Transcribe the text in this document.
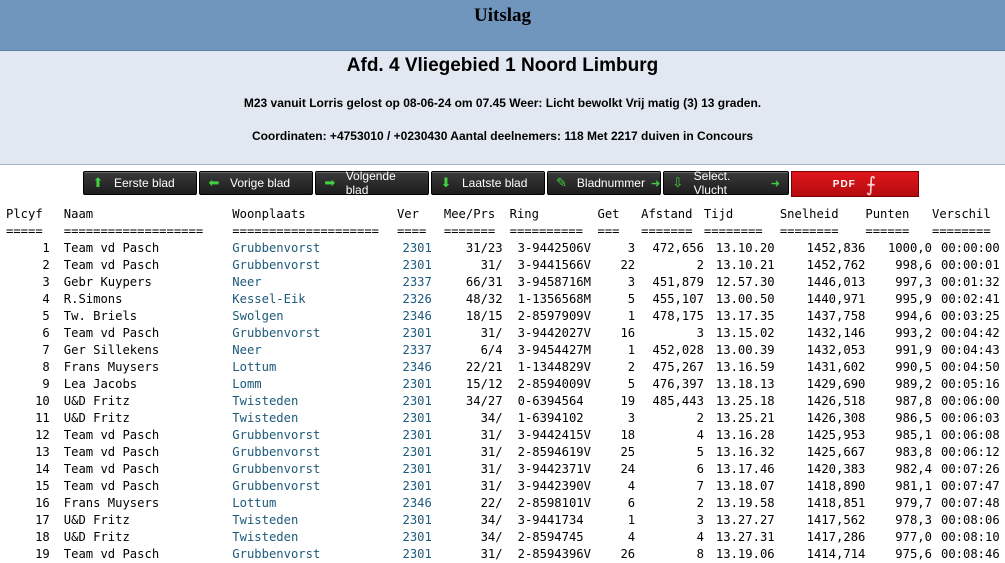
Uitslag
Afd. 4 Vliegebied 1 Noord Limburg
M23 vanuit Lorris gelost op 08-06-24 om 07.45 Weer: Licht bewolkt Vrij matig (3) 13 graden.
Coordinaten: +4753010 / +0230430 Aantal deelnemers: 118 Met 2217 duiven in Concours
⬆ Eerste blad	⬅ Vorige blad	➡ Volgende blad	⬇ Laatste blad ✎ Bladnummer ➜ ⇩ Select. Vlucht	➜	PDF ⨍
Plcyf	Naam	Woonplaats	Ver	Mee/Prs	Ring	Get	Afstand	Tijd	Snelheid	Punten	Verschil
=====	===================	====================	====	=======	==========	===	=======	========	========	======	========
1	Team vd Pasch	Grubbenvorst	2301	31/23	3-9442506V	3	472,656	13.10.20	1452,836	1000,0	00:00:00
2	Team vd Pasch	Grubbenvorst	2301	31/	3-9441566V	22	2	13.10.21	1452,762	998,6	00:00:01
3	Gebr Kuypers	Neer	2337	66/31	3-9458716M	3	451,879	12.57.30	1446,013	997,3	00:01:32
4	R.Simons	Kessel-Eik	2326	48/32	1-1356568M	5	455,107	13.00.50	1440,971	995,9	00:02:41
5	Tw. Briels	Swolgen	2346	18/15	2-8597909V	1	478,175	13.17.35	1437,758	994,6	00:03:25
6	Team vd Pasch	Grubbenvorst	2301	31/	3-9442027V	16	3	13.15.02	1432,146	993,2	00:04:42
7	Ger Sillekens	Neer	2337	6/4	3-9454427M	1	452,028	13.00.39	1432,053	991,9	00:04:43
8	Frans Muysers	Lottum	2346	22/21	1-1344829V	2	475,267	13.16.59	1431,602	990,5	00:04:50
9	Lea Jacobs	Lomm	2301	15/12	2-8594009V	5	476,397	13.18.13	1429,690	989,2	00:05:16
10	U&D Fritz	Twisteden	2301	34/27	0-6394564	19	485,443	13.25.18	1426,518	987,8	00:06:00
11	U&D Fritz	Twisteden	2301	34/	1-6394102	3	2	13.25.21	1426,308	986,5	00:06:03
12	Team vd Pasch	Grubbenvorst	2301	31/	3-9442415V	18	4	13.16.28	1425,953	985,1	00:06:08
13	Team vd Pasch	Grubbenvorst	2301	31/	2-8594619V	25	5	13.16.32	1425,667	983,8	00:06:12
14	Team vd Pasch	Grubbenvorst	2301	31/	3-9442371V	24	6	13.17.46	1420,383	982,4	00:07:26
15	Team vd Pasch	Grubbenvorst	2301	31/	3-9442390V	4	7	13.18.07	1418,890	981,1	00:07:47
16	Frans Muysers	Lottum	2346	22/	2-8598101V	6	2	13.19.58	1418,851	979,7	00:07:48
17	U&D Fritz	Twisteden	2301	34/	3-9441734	1	3	13.27.27	1417,562	978,3	00:08:06
18	U&D Fritz	Twisteden	2301	34/	2-8594745	4	4	13.27.31	1417,286	977,0	00:08:10
19	Team vd Pasch	Grubbenvorst	2301	31/	2-8594396V	26	8	13.19.06	1414,714	975,6	00:08:46
